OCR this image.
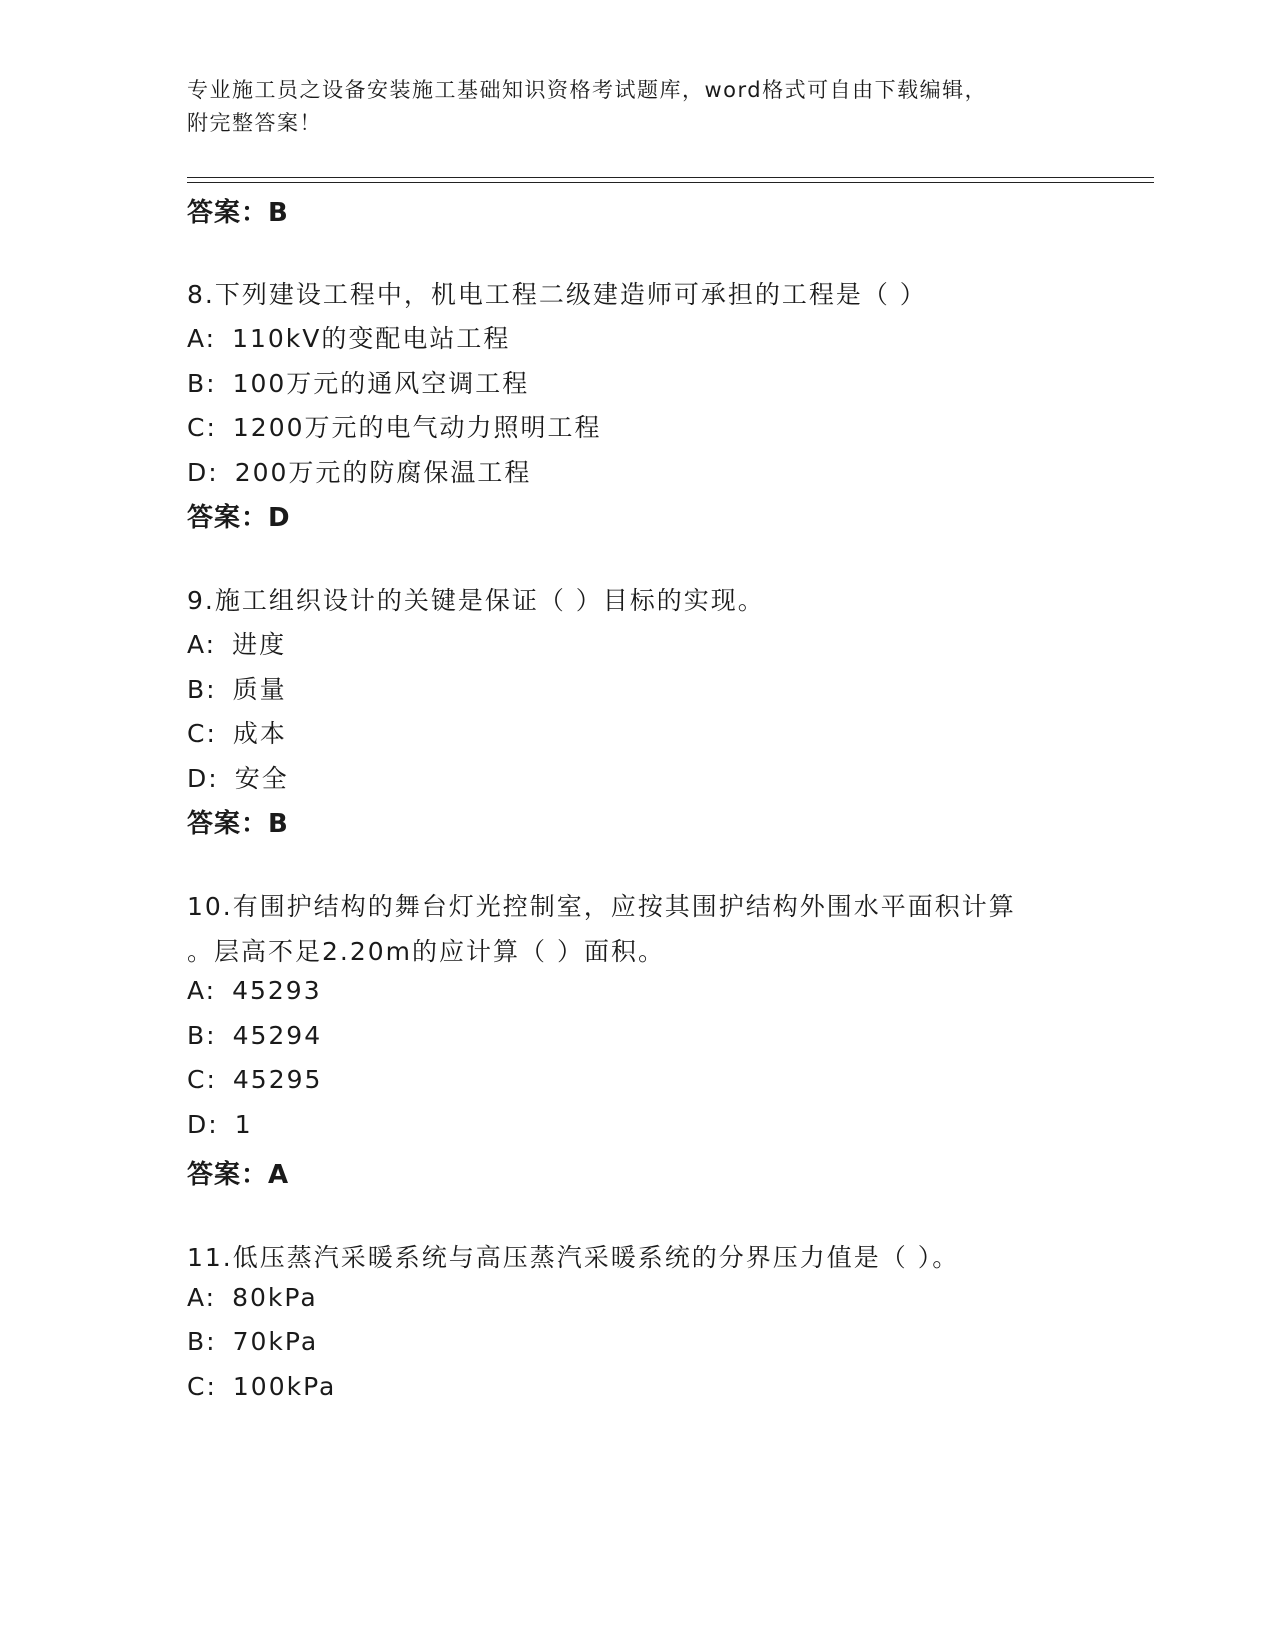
专业施工员之设备安装施工基础知识资格考试题库，word格式可自由下载编辑，
附完整答案！
答案：B
8.下列建设工程中，机电工程二级建造师可承担的工程是（ ）
A: 110kV的变配电站工程
B: 100万元的通风空调工程
C: 1200万元的电气动力照明工程
D: 200万元的防腐保温工程
答案：D
9.施工组织设计的关键是保证（ ）目标的实现。
A: 进度
B: 质量
C: 成本
D: 安全
答案：B
10.有围护结构的舞台灯光控制室，应按其围护结构外围水平面积计算
。层高不足2.20m的应计算（ ）面积。
A: 45293
B: 45294
C: 45295
D: 1
答案：A
11.低压蒸汽采暖系统与高压蒸汽采暖系统的分界压力值是（ ）。
A: 80kPa
B: 70kPa
C: 100kPa
